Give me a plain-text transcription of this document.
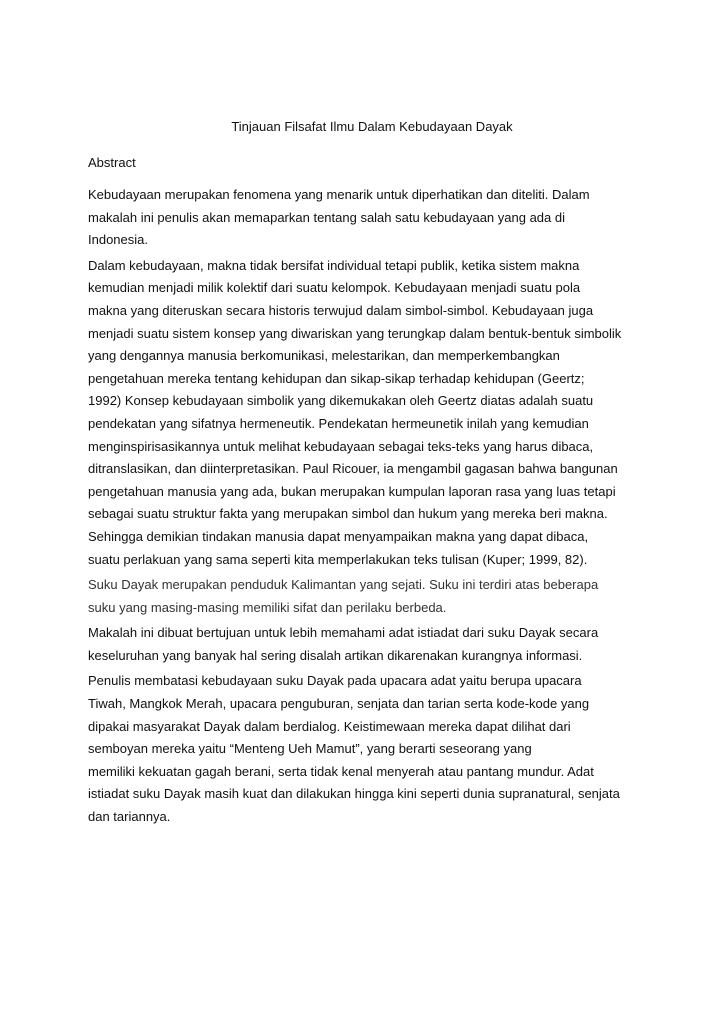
Tinjauan Filsafat Ilmu Dalam Kebudayaan Dayak
Abstract
Kebudayaan merupakan fenomena yang menarik untuk diperhatikan dan diteliti. Dalam
makalah ini penulis akan memaparkan tentang salah satu kebudayaan yang ada di
Indonesia.
Dalam kebudayaan, makna tidak bersifat individual tetapi publik, ketika sistem makna
kemudian menjadi milik kolektif dari suatu kelompok. Kebudayaan menjadi suatu pola
makna yang diteruskan secara historis terwujud dalam simbol-simbol. Kebudayaan juga
menjadi suatu sistem konsep yang diwariskan yang terungkap dalam bentuk-bentuk simbolik
yang dengannya manusia berkomunikasi, melestarikan, dan memperkembangkan
pengetahuan mereka tentang kehidupan dan sikap-sikap terhadap kehidupan (Geertz;
1992) Konsep kebudayaan simbolik yang dikemukakan oleh Geertz diatas adalah suatu
pendekatan yang sifatnya hermeneutik. Pendekatan hermeunetik inilah yang kemudian
menginspirisasikannya untuk melihat kebudayaan sebagai teks-teks yang harus dibaca,
ditranslasikan, dan diinterpretasikan. Paul Ricouer, ia mengambil gagasan bahwa bangunan
pengetahuan manusia yang ada, bukan merupakan kumpulan laporan rasa yang luas tetapi
sebagai suatu struktur fakta yang merupakan simbol dan hukum yang mereka beri makna.
Sehingga demikian tindakan manusia dapat menyampaikan makna yang dapat dibaca,
suatu perlakuan yang sama seperti kita memperlakukan teks tulisan (Kuper; 1999, 82).
Suku Dayak merupakan penduduk Kalimantan yang sejati. Suku ini terdiri atas beberapa
suku yang masing-masing memiliki sifat dan perilaku berbeda.
Makalah ini dibuat bertujuan untuk lebih memahami adat istiadat dari suku Dayak secara
keseluruhan yang banyak hal sering disalah artikan dikarenakan kurangnya informasi.
Penulis membatasi kebudayaan suku Dayak pada upacara adat yaitu berupa upacara
Tiwah, Mangkok Merah, upacara penguburan, senjata dan tarian serta kode-kode yang
dipakai masyarakat Dayak dalam berdialog. Keistimewaan mereka dapat dilihat dari
semboyan mereka yaitu “Menteng Ueh Mamut”, yang berarti seseorang yang
memiliki kekuatan gagah berani, serta tidak kenal menyerah atau pantang mundur. Adat
istiadat suku Dayak masih kuat dan dilakukan hingga kini seperti dunia supranatural, senjata
dan tariannya.
